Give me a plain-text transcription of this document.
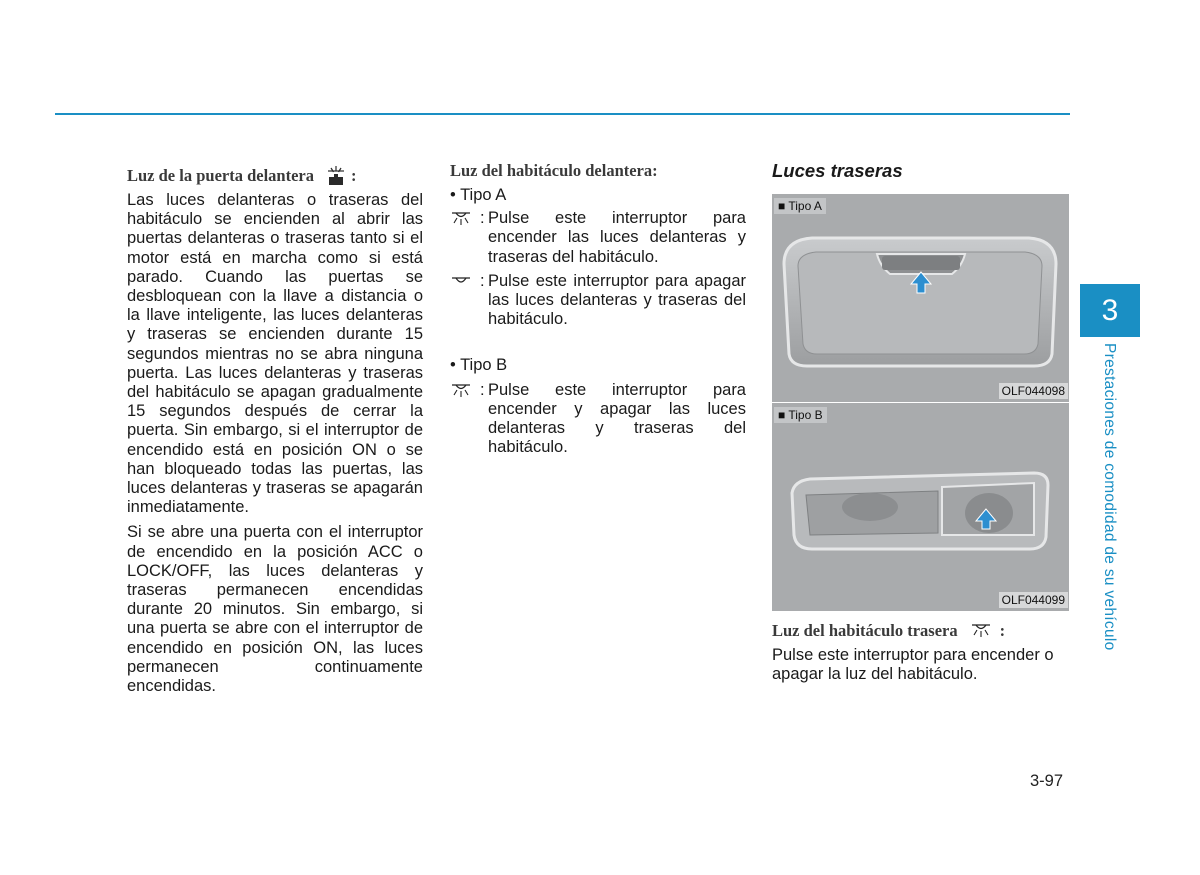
Luz de la puerta delantera :

Las luces delanteras o traseras del habitáculo se encienden al abrir las puertas delanteras o traseras tanto si el motor está en marcha como si está parado. Cuando las puertas se desbloquean con la llave a distancia o la llave inteligente, las luces delanteras y traseras se encienden durante 15 segundos mientras no se abra ninguna puerta. Las luces delanteras y traseras del habitáculo se apagan gradualmente 15 segundos después de cerrar la puerta. Sin embargo, si el interruptor de encendido está en posición ON o se han bloqueado todas las puertas, las luces delanteras y traseras se apagarán inmediatamente.

Si se abre una puerta con el interruptor de encendido en la posición ACC o LOCK/OFF, las luces delanteras y traseras permanecen encendidas durante 20 minutos. Sin embargo, si una puerta se abre con el interruptor de encendido en posición ON, las luces permanecen continuamente encendidas.

Luz del habitáculo delantera:

• Tipo A

: Pulse este interruptor para encender las luces delanteras y traseras del habitáculo.
: Pulse este interruptor para apagar las luces delanteras y traseras del habitáculo.

• Tipo B

: Pulse este interruptor para encender y apagar las luces delanteras y traseras del habitáculo.

Luces traseras

■ Tipo A
OLF044098
■ Tipo B
OLF044099
Luz del habitáculo trasera	:

Pulse este interruptor para encender o apagar la luz del habitáculo.

3
Prestaciones de comodidad de su vehículo
3-97
